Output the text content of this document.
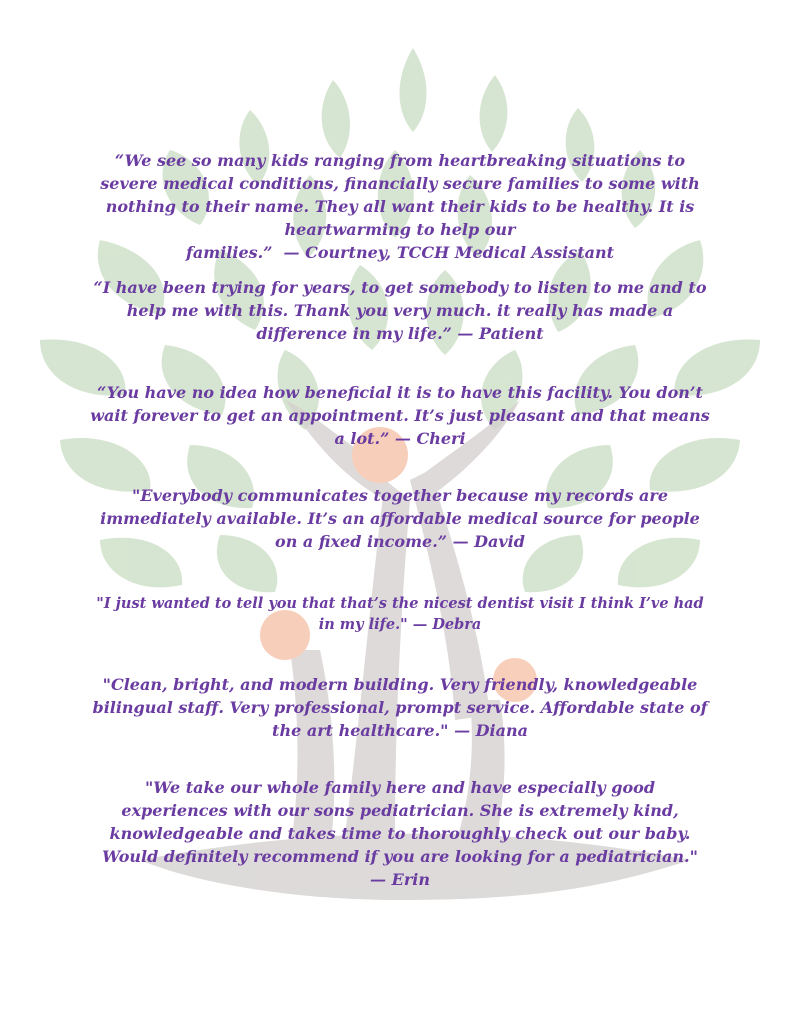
“We see so many kids ranging from heartbreaking situations to severe medical conditions, financially secure families to some with nothing to their name. They all want their kids to be healthy. It is heartwarming to help our families.” — Courtney, TCCH Medical Assistant

“I have been trying for years, to get somebody to listen to me and to help me with this. Thank you very much. it really has made a difference in my life.” — Patient

“You have no idea how beneficial it is to have this facility. You don’t wait forever to get an appointment. It’s just pleasant and that means a lot.” — Cheri

"Everybody communicates together because my records are immediately available. It’s an affordable medical source for people on a fixed income.” — David

"I just wanted to tell you that that’s the nicest dentist visit I think I’ve had in my life." — Debra

"Clean, bright, and modern building. Very friendly, knowledgeable bilingual staff. Very professional, prompt service. Affordable state of the art healthcare." — Diana

"We take our whole family here and have especially good experiences with our sons pediatrician. She is extremely kind, knowledgeable and takes time to thoroughly check out our baby. Would definitely recommend if you are looking for a pediatrician." — Erin
